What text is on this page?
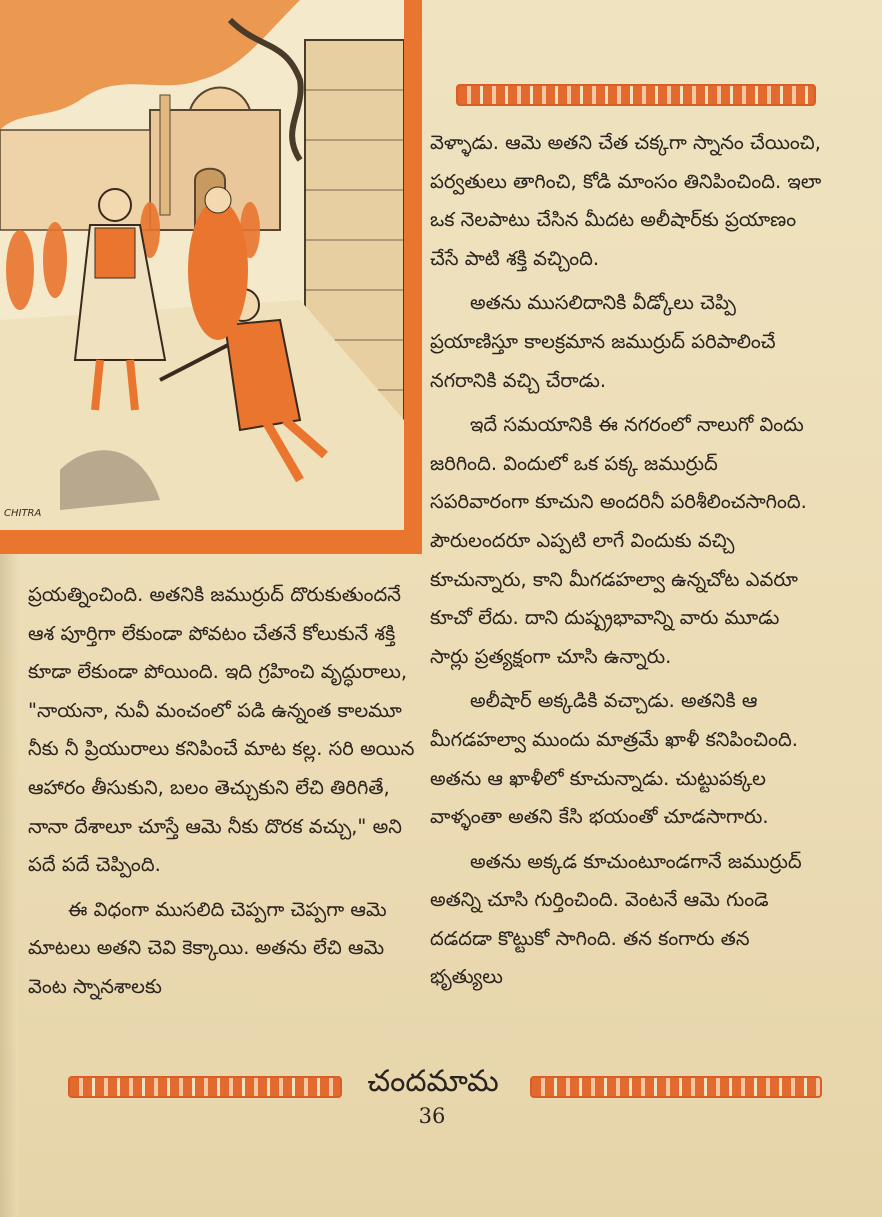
CHITRA

వెళ్ళాడు. ఆమె అతని చేత చక్కగా స్నానం చేయించి, పర్వతులు తాగించి, కోడి మాంసం తినిపించింది. ఇలా ఒక నెలపాటు చేసిన మీదట అలీషార్‌కు ప్రయాణం చేసే పాటి శక్తి వచ్చింది.

అతను ముసలిదానికి వీడ్కోలు చెప్పి ప్రయాణిస్తూ కాలక్రమాన జముర్రుద్ పరిపాలించే నగరానికి వచ్చి చేరాడు.

ఇదే సమయానికి ఈ నగరంలో నాలుగో విందు జరిగింది. విందులో ఒక పక్క జముర్రుద్ సపరివారంగా కూచుని అందరినీ పరిశీలించసాగింది. పౌరులందరూ ఎప్పటి లాగే విందుకు వచ్చి కూచున్నారు, కాని మీగడహల్వా ఉన్నచోట ఎవరూ కూచో లేదు. దాని దుష్ప్రభావాన్ని వారు మూడు సార్లు ప్రత్యక్షంగా చూసి ఉన్నారు.

అలీషార్ అక్కడికి వచ్చాడు. అతనికి ఆ మీగడహల్వా ముందు మాత్రమే ఖాళీ కనిపించింది. అతను ఆ ఖాళీలో కూచున్నాడు. చుట్టుపక్కల వాళ్ళంతా అతని కేసి భయంతో చూడసాగారు.

అతను అక్కడ కూచుంటూండగానే జముర్రుద్ అతన్ని చూసి గుర్తించింది. వెంటనే ఆమె గుండె దడదడా కొట్టుకో సాగింది. తన కంగారు తన భృత్యులు

ప్రయత్నించింది. అతనికి జముర్రుద్ దొరుకుతుందనే ఆశ పూర్తిగా లేకుండా పోవటం చేతనే కోలుకునే శక్తి కూడా లేకుండా పోయింది. ఇది గ్రహించి వృద్ధురాలు, "నాయనా, నువీ మంచంలో పడి ఉన్నంత కాలమూ నీకు నీ ప్రియురాలు కనిపించే మాట కల్ల. సరి అయిన ఆహారం తీసుకుని, బలం తెచ్చుకుని లేచి తిరిగితే, నానా దేశాలూ చూస్తే ఆమె నీకు దొరక వచ్చు," అని పదే పదే చెప్పింది.

ఈ విధంగా ముసలిది చెప్పగా చెప్పగా ఆమె మాటలు అతని చెవి కెక్కాయి. అతను లేచి ఆమె వెంట స్నానశాలకు

చందమామ
36
